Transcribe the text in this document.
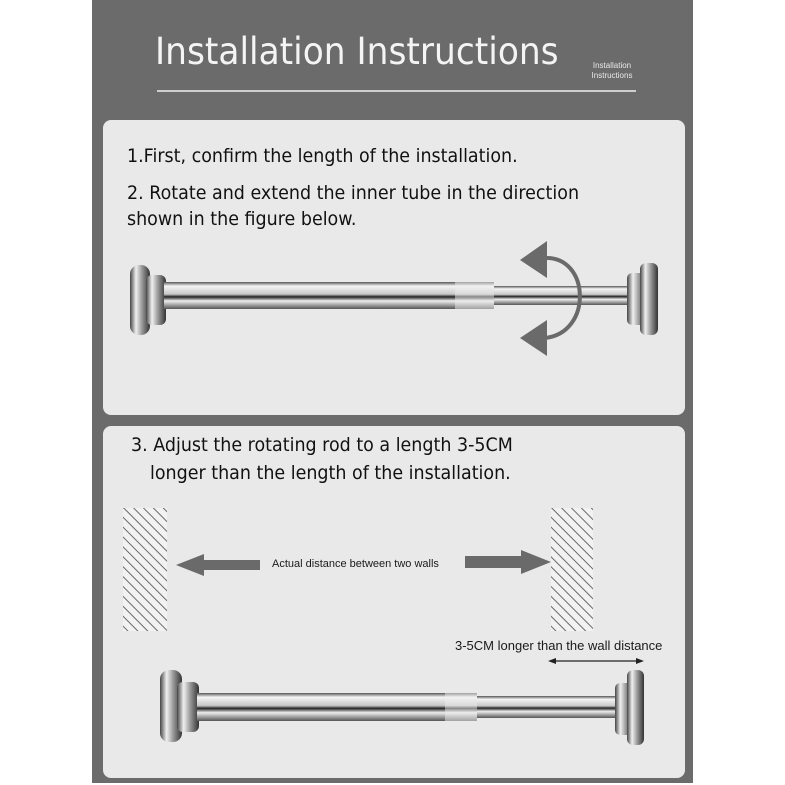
Installation Instructions	Installation
Instructions
1.First, confirm the length of the installation.
2. Rotate and extend the inner tube in the direction
shown in the figure below.
3. Adjust the rotating rod to a length 3-5CM
longer than the length of the installation.
Actual distance between two walls
3-5CM longer than the wall distance
